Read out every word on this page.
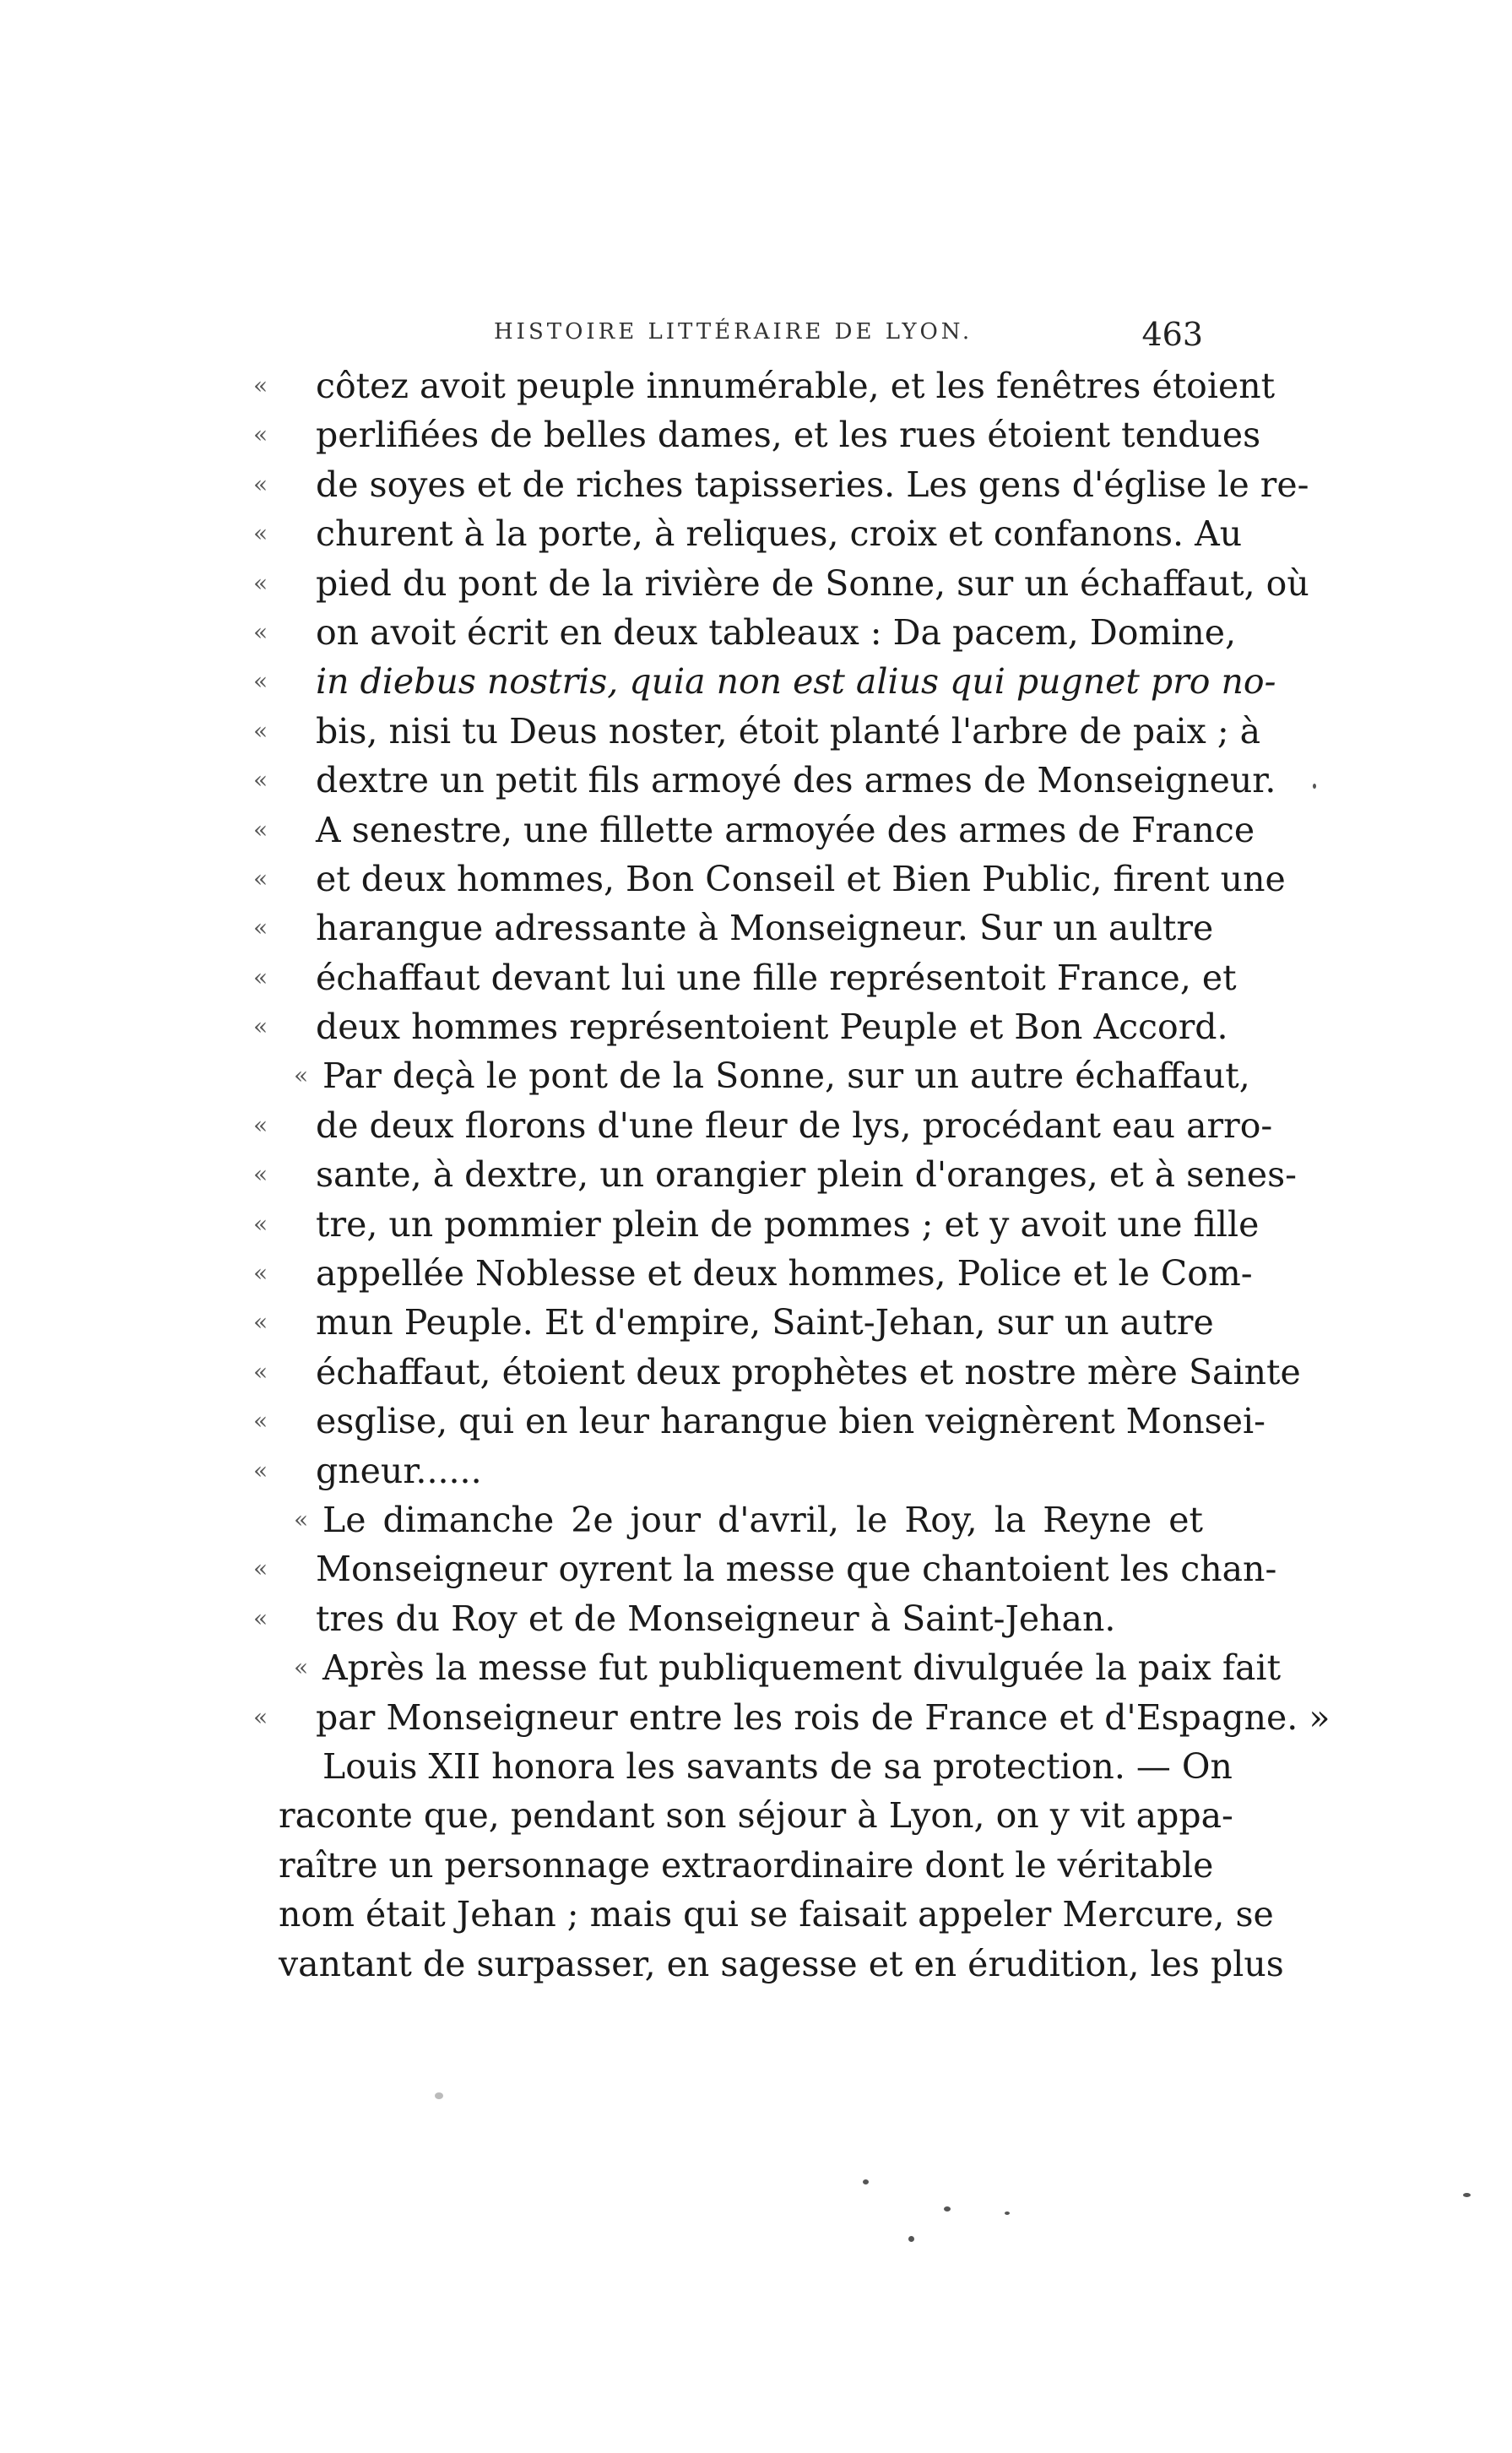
HISTOIRE LITTÉRAIRE DE LYON.	463
« côtez avoit peuple innumérable, et les fenêtres étoient
« perlifiées de belles dames, et les rues étoient tendues
« de soyes et de riches tapisseries. Les gens d'église le re-
« churent à la porte, à reliques, croix et confanons. Au
« pied du pont de la rivière de Sonne, sur un échaffaut, où
« on avoit écrit en deux tableaux : Da pacem, Domine,
« in diebus nostris, quia non est alius qui pugnet pro no-
« bis, nisi tu Deus noster, étoit planté l'arbre de paix ; à
« dextre un petit fils armoyé des armes de Monseigneur.
« A senestre, une fillette armoyée des armes de France
« et deux hommes, Bon Conseil et Bien Public, firent une
« harangue adressante à Monseigneur. Sur un aultre
« échaffaut devant lui une fille représentoit France, et
« deux hommes représentoient Peuple et Bon Accord.
« Par deçà le pont de la Sonne, sur un autre échaffaut,
« de deux florons d'une fleur de lys, procédant eau arro-
« sante, à dextre, un orangier plein d'oranges, et à senes-
« tre, un pommier plein de pommes ; et y avoit une fille
« appellée Noblesse et deux hommes, Police et le Com-
« mun Peuple. Et d'empire, Saint-Jehan, sur un autre
« échaffaut, étoient deux prophètes et nostre mère Sainte
« esglise, qui en leur harangue bien veignèrent Monsei-
« gneur......
« Le dimanche 2e jour d'avril, le Roy, la Reyne et
« Monseigneur oyrent la messe que chantoient les chan-
« tres du Roy et de Monseigneur à Saint-Jehan.
« Après la messe fut publiquement divulguée la paix fait
« par Monseigneur entre les rois de France et d'Espagne. »
Louis XII honora les savants de sa protection. — On
raconte que, pendant son séjour à Lyon, on y vit appa-
raître un personnage extraordinaire dont le véritable
nom était Jehan ; mais qui se faisait appeler Mercure, se
vantant de surpasser, en sagesse et en érudition, les plus
